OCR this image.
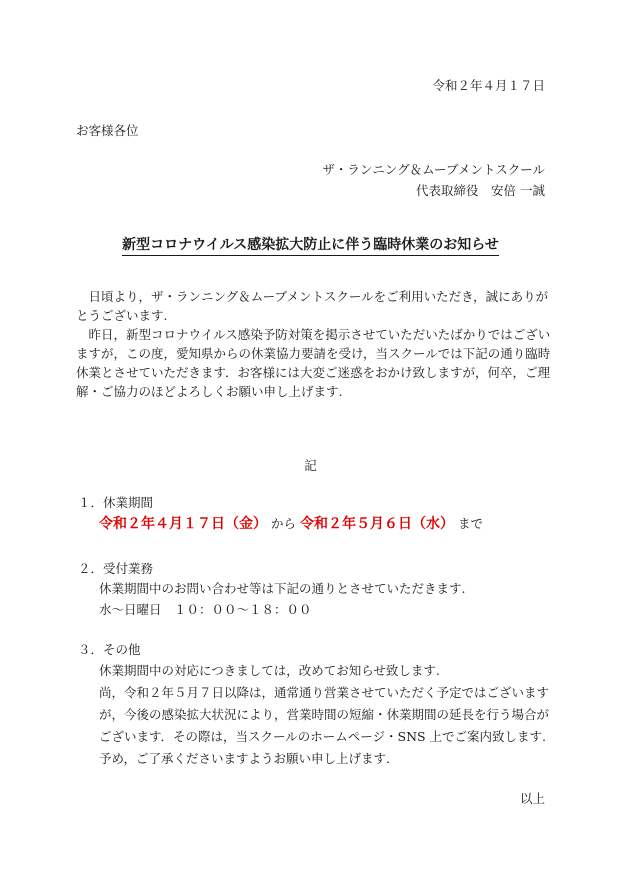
令和２年４月１７日
お客様各位
ザ・ランニング＆ムーブメントスクール
代表取締役　安倍 一誠
新型コロナウイルス感染拡大防止に伴う臨時休業のお知らせ
　日頃より，ザ・ランニング＆ムーブメントスクールをご利用いただき，誠にありが
とうございます.
　昨日，新型コロナウイルス感染予防対策を掲示させていただいたばかりではござい
ますが，この度，愛知県からの休業協力要請を受け，当スクールでは下記の通り臨時
休業とさせていただきます．お客様には大変ご迷惑をおかけ致しますが，何卒，ご理
解・ご協力のほどよろしくお願い申し上げます.
記
１．休業期間
令和２年４月１７日（金） から 令和２年５月６日（水） まで
２．受付業務
休業期間中のお問い合わせ等は下記の通りとさせていただきます.
水〜日曜日　１０：００〜１８：００
３．その他
休業期間中の対応につきましては，改めてお知らせ致します.
尚，令和２年５月７日以降は，通常通り営業させていただく予定ではございます
が，今後の感染拡大状況により，営業時間の短縮・休業期間の延長を行う場合が
ございます．その際は，当スクールのホームページ・SNS 上でご案内致します.
予め，ご了承くださいますようお願い申し上げます.
以上
